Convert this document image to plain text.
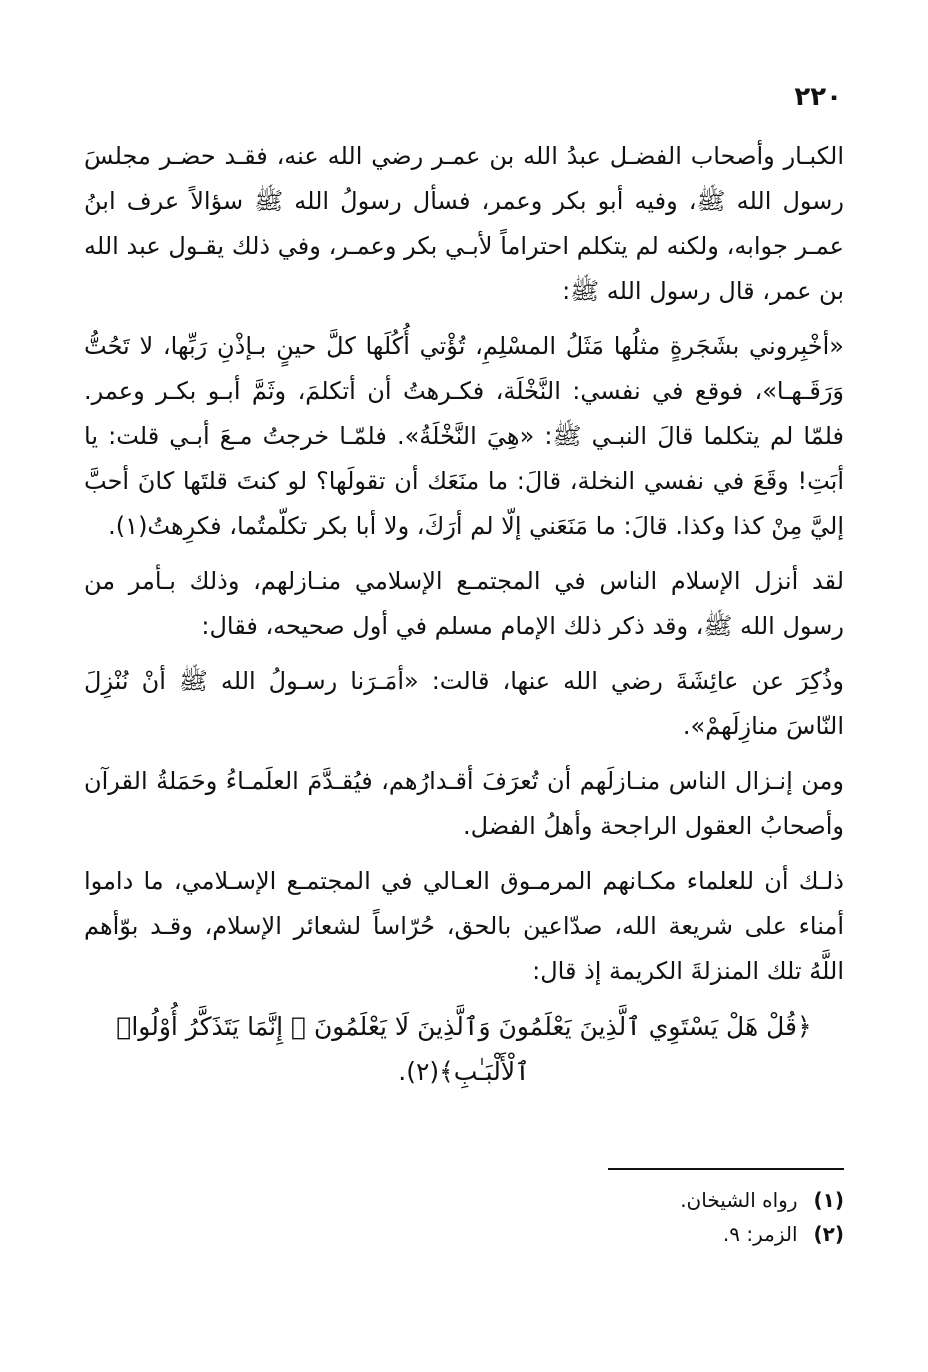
٢٢٠

الكبـار وأصحاب الفضـل عبدُ الله بن عمـر رضي الله عنه، فقـد حضـر مجلسَ رسول الله ﷺ، وفيه أبو بكر وعمر، فسأل رسولُ الله ﷺ سؤالاً عرف ابنُ عمـر جوابه، ولكنه لم يتكلم احتراماً لأبـي بكر وعمـر، وفي ذلك يقـول عبد الله بن عمر، قال رسول الله ﷺ:

«أخْبِروني بشَجَرةٍ مثلُها مَثَلُ المسْلِمِ، تُؤْتي أُكُلَها كلَّ حينٍ بـإذْنِ رَبِّها، لا تَحُتُّ وَرَقَـهـا»، فوقع في نفسي: النَّخْلَة، فكـرهتُ أن أتكلمَ، وثَمَّ أبـو بكـر وعمر. فلمّا لم يتكلما قالَ النبـي ﷺ: «هِيَ النَّخْلَةُ». فلمّـا خرجتُ مـعَ أبـي قلت: يا أبَتِ! وقَعَ في نفسي النخلة، قالَ: ما منَعَك أن تقولَها؟ لو كنتَ قلتَها كانَ أحبَّ إليَّ مِنْ كذا وكذا. قالَ: ما مَنَعَني إلّا لم أرَكَ، ولا أبا بكر تكلّمتُما، فكرِهتُ(١).

لقد أنزل الإسلام الناس في المجتمـع الإسلامي منـازلهم، وذلك بـأمر من رسول الله ﷺ، وقد ذكر ذلك الإمام مسلم في أول صحيحه، فقال:

وذُكِرَ عن عائِشَةَ رضي الله عنها، قالت: «أمَـرَنا رسـولُ الله ﷺ أنْ نُنْزِلَ النّاسَ منازِلَهمْ».

ومن إنـزال الناس منـازلَهم أن تُعرَفَ أقـدارُهم، فيُقـدَّمَ العلَمـاءُ وحَمَلةُ القرآن وأصحابُ العقول الراجحة وأهلُ الفضل.

ذلـك أن للعلماء مكـانهم المرمـوق العـالي في المجتمـع الإسـلامي، ما داموا أمناء على شريعة الله، صدّاعين بالحق، حُرّاساً لشعائر الإسلام، وقـد بوّأهم اللَّهُ تلك المنزلةَ الكريمة إذ قال:

﴿قُلْ هَلْ يَسْتَوِي ٱلَّذِينَ يَعْلَمُونَ وَٱلَّذِينَ لَا يَعْلَمُونَ ۗ إِنَّمَا يَتَذَكَّرُ أُوْلُوا۟ ٱلْأَلْبَـٰبِ﴾(٢).

(١)
رواه الشيخان.
(٢)
الزمر: ٩.
